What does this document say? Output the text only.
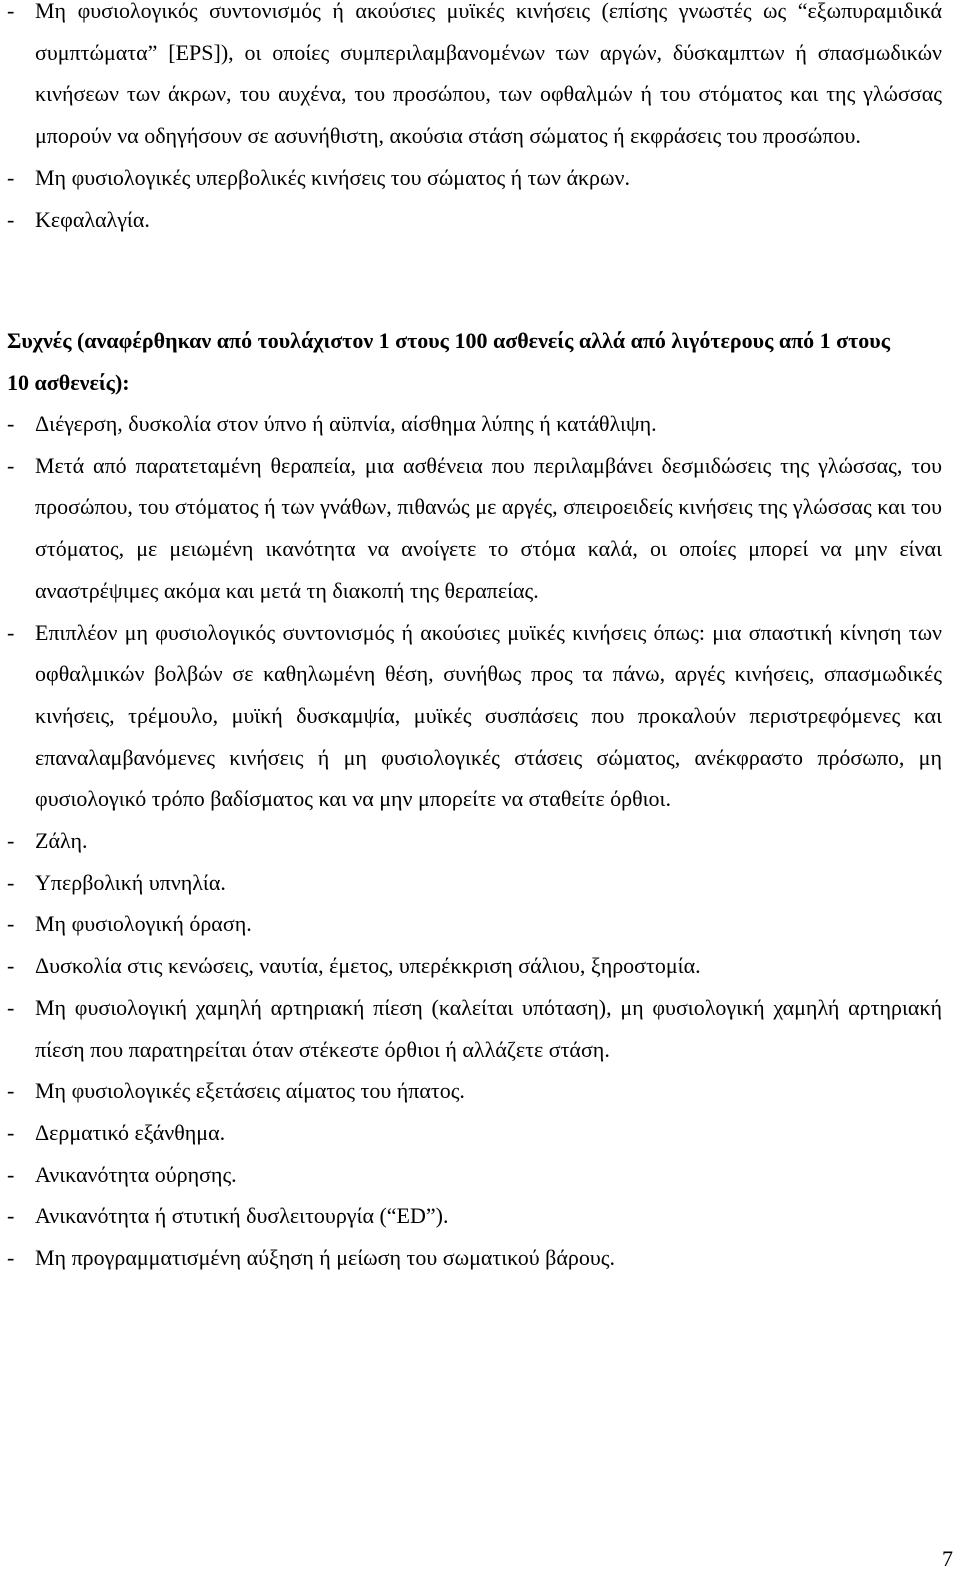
- Μη φυσιολογικός συντονισμός ή ακούσιες μυϊκές κινήσεις (επίσης γνωστές ως “εξωπυραμιδικά συμπτώματα” [EPS]), οι οποίες συμπεριλαμβανομένων των αργών, δύσκαμπτων ή σπασμωδικών κινήσεων των άκρων, του αυχένα, του προσώπου, των οφθαλμών ή του στόματος και της γλώσσας μπορούν να οδηγήσουν σε ασυνήθιστη, ακούσια στάση σώματος ή εκφράσεις του προσώπου.
- Μη φυσιολογικές υπερβολικές κινήσεις του σώματος ή των άκρων.
- Κεφαλαλγία.

Συχνές (αναφέρθηκαν από τουλάχιστον 1 στους 100 ασθενείς αλλά από λιγότερους από 1 στους 10 ασθενείς):

- Διέγερση, δυσκολία στον ύπνο ή αϋπνία, αίσθημα λύπης ή κατάθλιψη.
- Μετά από παρατεταμένη θεραπεία, μια ασθένεια που περιλαμβάνει δεσμιδώσεις της γλώσσας, του προσώπου, του στόματος ή των γνάθων, πιθανώς με αργές, σπειροειδείς κινήσεις της γλώσσας και του στόματος, με μειωμένη ικανότητα να ανοίγετε το στόμα καλά, οι οποίες μπορεί να μην είναι αναστρέψιμες ακόμα και μετά τη διακοπή της θεραπείας.
- Επιπλέον μη φυσιολογικός συντονισμός ή ακούσιες μυϊκές κινήσεις όπως: μια σπαστική κίνηση των οφθαλμικών βολβών σε καθηλωμένη θέση, συνήθως προς τα πάνω, αργές κινήσεις, σπασμωδικές κινήσεις, τρέμουλο, μυϊκή δυσκαμψία, μυϊκές συσπάσεις που προκαλούν περιστρεφόμενες και επαναλαμβανόμενες κινήσεις ή μη φυσιολογικές στάσεις σώματος, ανέκφραστο πρόσωπο, μη φυσιολογικό τρόπο βαδίσματος και να μην μπορείτε να σταθείτε όρθιοι.
- Ζάλη.
- Υπερβολική υπνηλία.
- Μη φυσιολογική όραση.
- Δυσκολία στις κενώσεις, ναυτία, έμετος, υπερέκκριση σάλιου, ξηροστομία.
- Μη φυσιολογική χαμηλή αρτηριακή πίεση (καλείται υπόταση), μη φυσιολογική χαμηλή αρτηριακή πίεση που παρατηρείται όταν στέκεστε όρθιοι ή αλλάζετε στάση.
- Μη φυσιολογικές εξετάσεις αίματος του ήπατος.
- Δερματικό εξάνθημα.
- Ανικανότητα ούρησης.
- Ανικανότητα ή στυτική δυσλειτουργία (“ED”).
- Μη προγραμματισμένη αύξηση ή μείωση του σωματικού βάρους.
7
